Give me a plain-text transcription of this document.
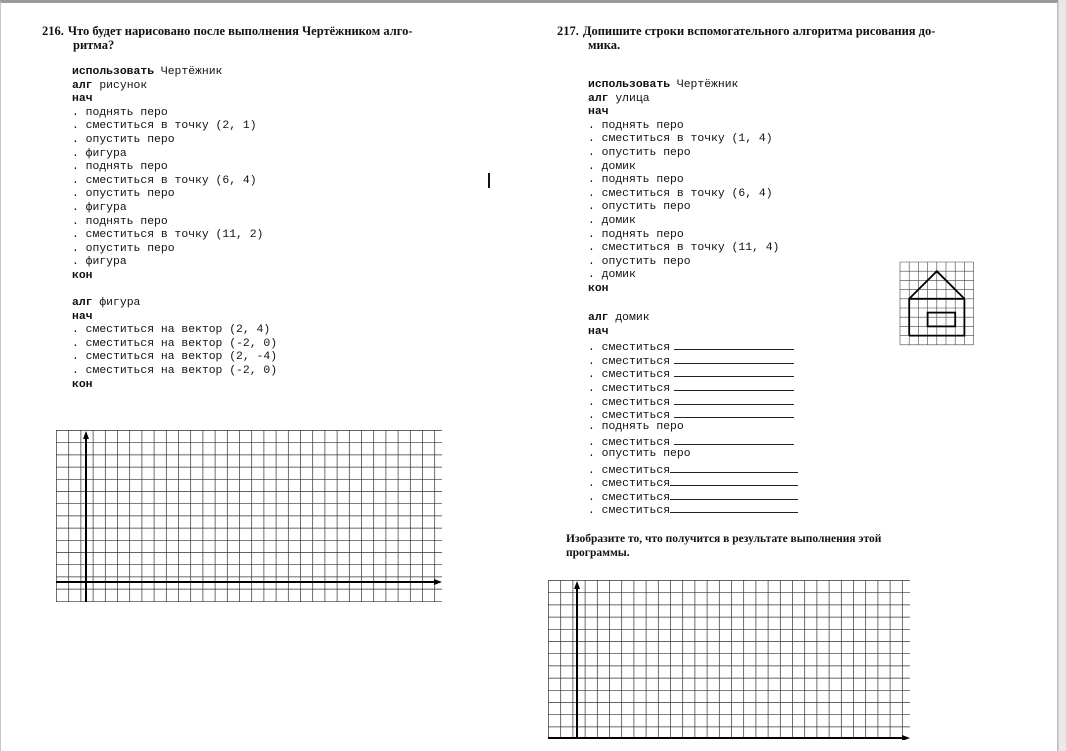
216. Что будет нарисовано после выполнения Чертёжником алго-
ритма?
использовать Чертёжник
алг рисунок
нач
. поднять перо
. сместиться в точку (2, 1)
. опустить перо
. фигура
. поднять перо
. сместиться в точку (6, 4)
. опустить перо
. фигура
. поднять перо
. сместиться в точку (11, 2)
. опустить перо
. фигура
кон
алг фигура
нач
. сместиться на вектор (2, 4)
. сместиться на вектор (-2, 0)
. сместиться на вектор (2, -4)
. сместиться на вектор (-2, 0)
кон
217. Допишите строки вспомогательного алгоритма рисования до-
мика.
использовать Чертёжник
алг улица
нач
. поднять перо
. сместиться в точку (1, 4)
. опустить перо
. домик
. поднять перо
. сместиться в точку (6, 4)
. опустить перо
. домик
. поднять перо
. сместиться в точку (11, 4)
. опустить перо
. домик
кон
алг домик
нач
. сместиться
. сместиться
. сместиться
. сместиться
. сместиться
. сместиться
. поднять перо
. сместиться
. опустить перо
. сместиться
. сместиться
. сместиться
. сместиться
Изобразите то, что получится в результате выполнения этой
программы.
